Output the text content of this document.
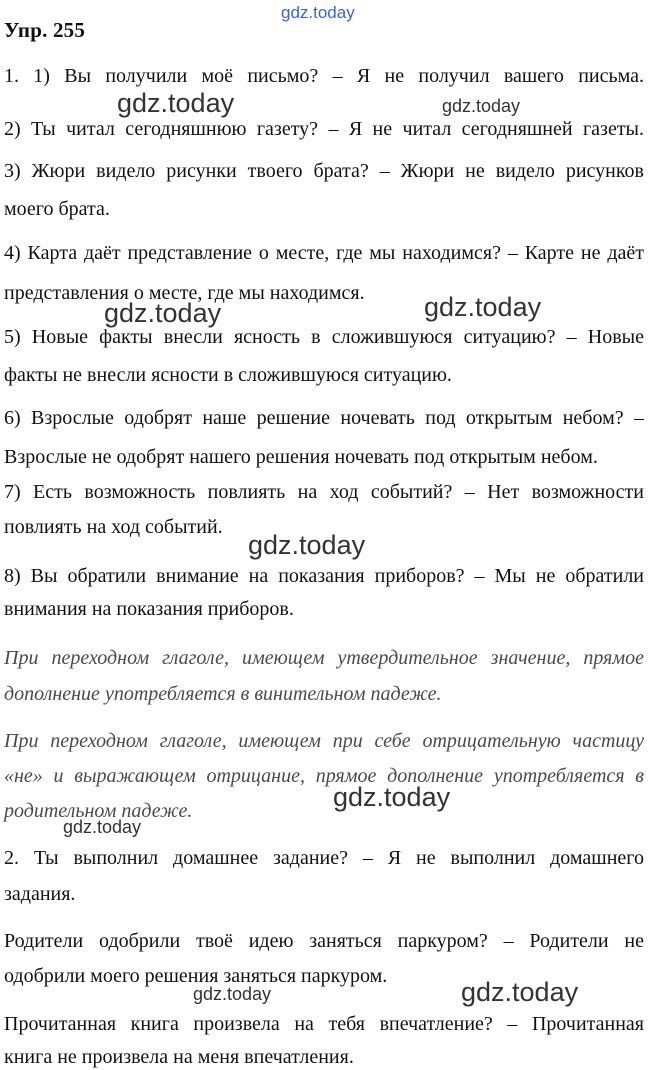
gdz.today
Упр. 255
1. 1) Вы получили моё письмо? – Я не получил вашего письма.
2) Ты читал сегодняшнюю газету? – Я не читал сегодняшней газеты.
3) Жюри видело рисунки твоего брата? – Жюри не видело рисунков
моего брата.
4) Карта даёт представление о месте, где мы находимся? – Карте не даёт
представления о месте, где мы находимся.
5) Новые факты внесли ясность в сложившуюся ситуацию? – Новые
факты не внесли ясности в сложившуюся ситуацию.
6) Взрослые одобрят наше решение ночевать под открытым небом? –
Взрослые не одобрят нашего решения ночевать под открытым небом.
7) Есть возможность повлиять на ход событий? – Нет возможности
повлиять на ход событий.
8) Вы обратили внимание на показания приборов? – Мы не обратили
внимания на показания приборов.
При переходном глаголе, имеющем утвердительное значение, прямое
дополнение употребляется в винительном падеже.
При переходном глаголе, имеющем при себе отрицательную частицу
«не» и выражающем отрицание, прямое дополнение употребляется в
родительном падеже.
2. Ты выполнил домашнее задание? – Я не выполнил домашнего
задания.
Родители одобрили твоё идею заняться паркуром? – Родители не
одобрили моего решения заняться паркуром.
Прочитанная книга произвела на тебя впечатление? – Прочитанная
книга не произвела на меня впечатления.
gdz.today	gdz.today
gdz.today
gdz.today
gdz.today
gdz.today
gdz.today
gdz.today	gdz.today
